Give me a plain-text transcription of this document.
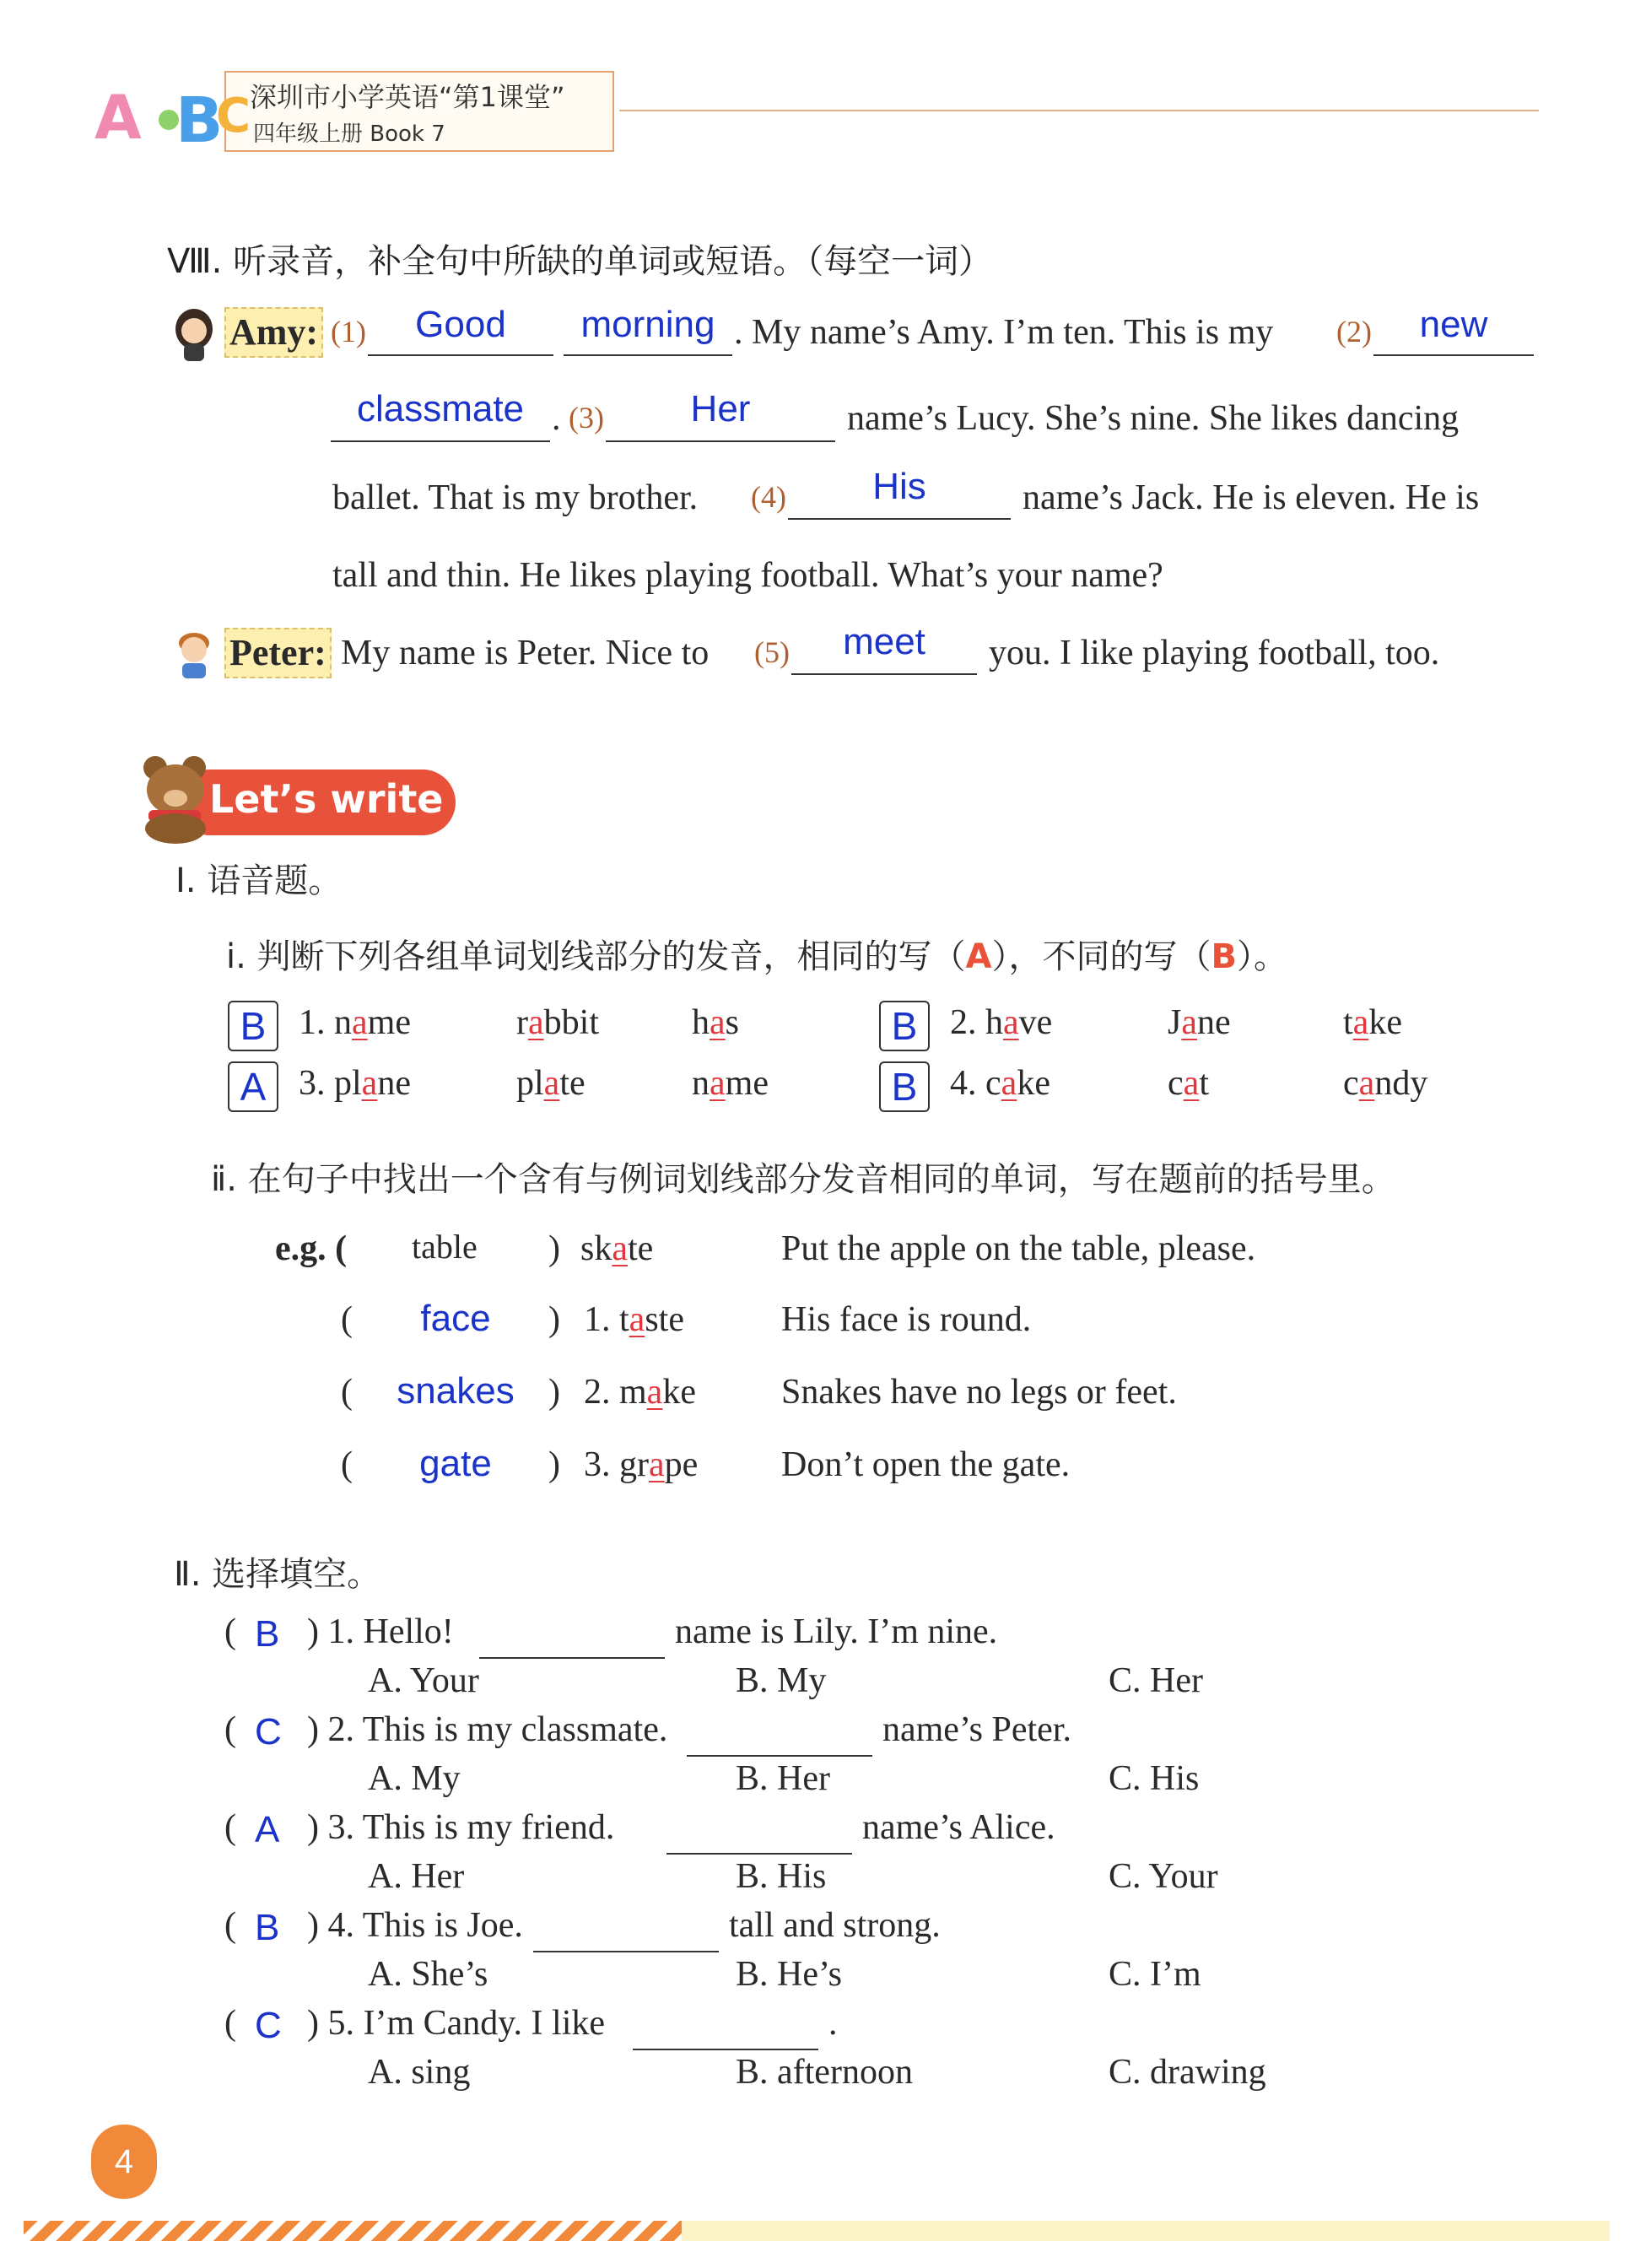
深圳市小学英语“第1课堂”
四年级上册 Book 7
A B
C
Ⅷ. 听录音，补全句中所缺的单词或短语。（每空一词）
Amy: (1)	Good	morning . My name’s Amy. I’m ten. This is my (2)	new
classmate . (3)	Her	name’s Lucy. She’s nine. She likes dancing
ballet. That is my brother. (4)	His	name’s Jack. He is eleven. He is
tall and thin. He likes playing football. What’s your name?
Peter: My name is Peter. Nice to (5)	meet	you. I like playing football, too.
Let’s write
Ⅰ. 语音题。
ⅰ. 判断下列各组单词划线部分的发音，相同的写（A），不同的写（B）。
B 1. name	rabbit	has	B 2. have	Jane	take
A 3. plane	plate	name	B 4. cake	cat	candy
ⅱ. 在句子中找出一个含有与例词划线部分发音相同的单词，写在题前的括号里。
e.g. ( table ) skate	Put the apple on the table, please.
(	face	) 1. taste	His face is round.
(	snakes ) 2. make Snakes have no legs or feet.
(	gate	) 3. grape Don’t open the gate.
Ⅱ. 选择填空。
( B ) 1. Hello!	name is Lily. I’m nine.
A. Your	B. My	C. Her
( C ) 2. This is my classmate.	name’s Peter.
A. My	B. Her	C. His
( A ) 3. This is my friend.	name’s Alice.
A. Her	B. His	C. Your
( B ) 4. This is Joe.	tall and strong.
A. She’s	B. He’s	C. I’m
( C ) 5. I’m Candy. I like	.
A. sing	B. afternoon	C. drawing
4
